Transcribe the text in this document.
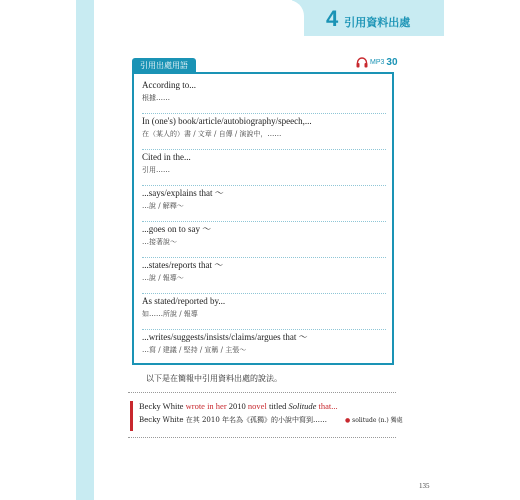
4 引用資料出處
引用出處用語	MP3 30
According to...
根據……
In (one's) book/article/autobiography/speech,...
在（某人的）書 / 文章 / 自傳 / 演說中，……
Cited in the...
引用……
...says/explains that ～
…說 / 解釋～
...goes on to say ～
…接著說～
...states/reports that ～
…說 / 報導～
As stated/reported by...
如……所說 / 報導
...writes/suggests/insists/claims/argues that ～
…寫 / 建議 / 堅持 / 宣稱 / 主張～
以下是在簡報中引用資料出處的說法。
Becky White wrote in her 2010 novel titled Solitude that...
Becky White 在其 2010 年名為《孤獨》的小說中寫到……	● solitude (n.) 獨處
135
